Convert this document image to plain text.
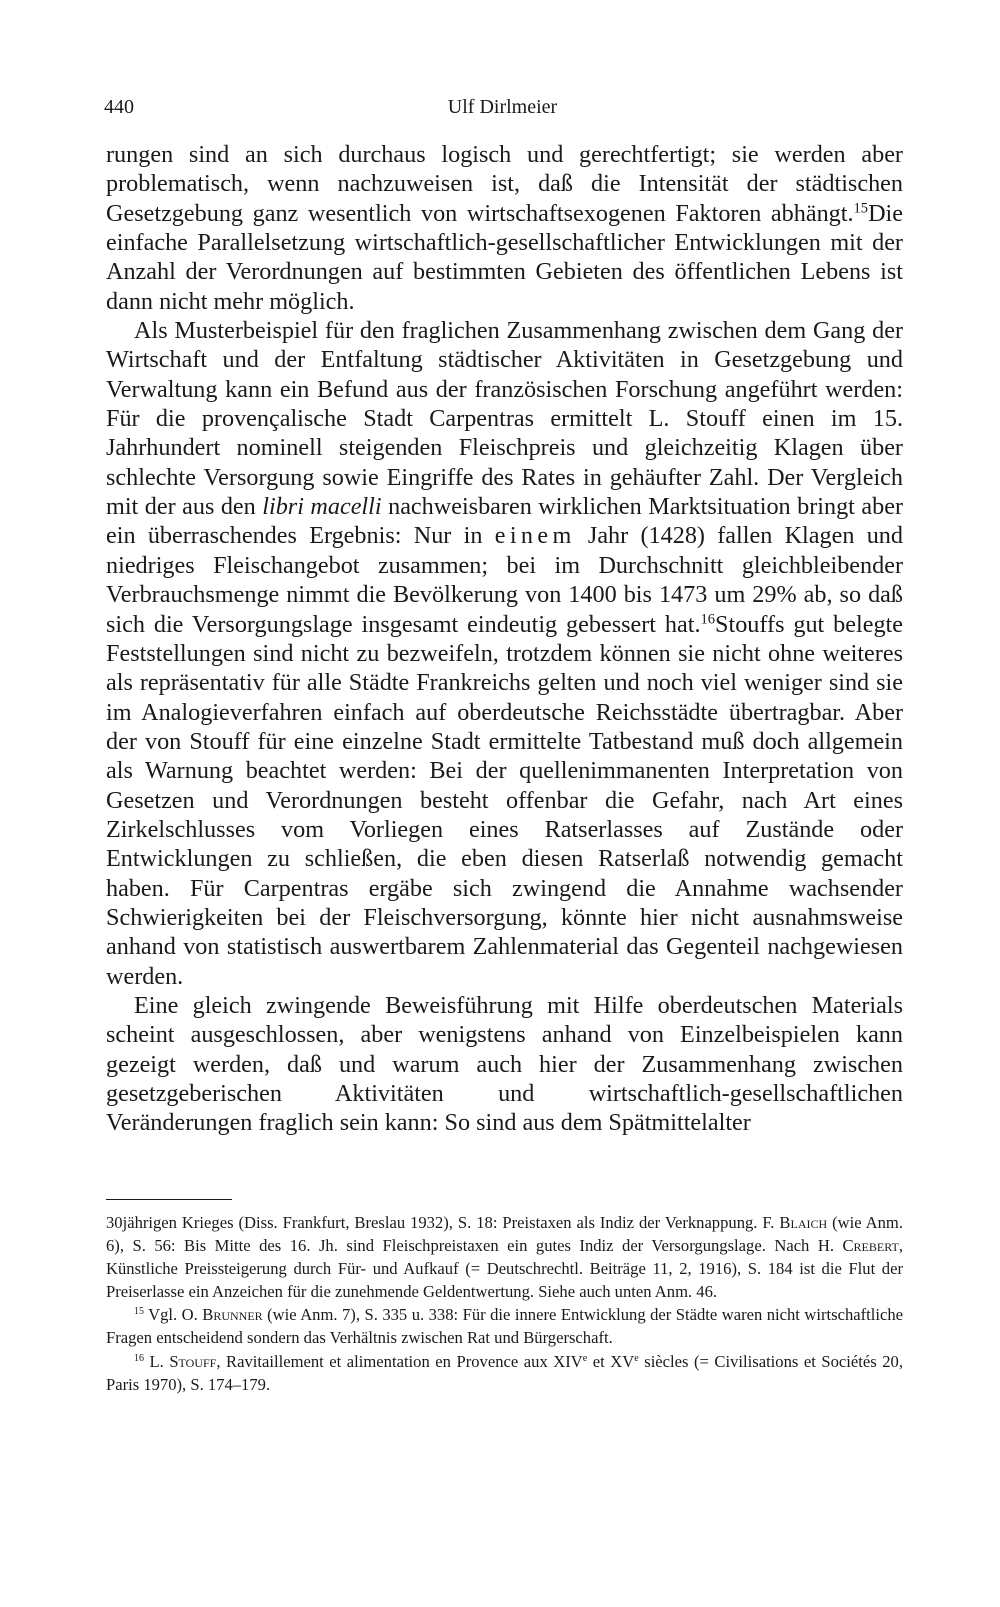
440	Ulf Dirlmeier

rungen sind an sich durchaus logisch und gerechtfertigt; sie werden aber problematisch, wenn nachzuweisen ist, daß die Intensität der städtischen Gesetzgebung ganz wesentlich von wirtschaftsexogenen Faktoren abhängt.$^{15}$Die einfache Parallelsetzung wirtschaftlich-gesellschaftlicher Entwicklungen mit der Anzahl der Verordnungen auf bestimmten Gebieten des öffentlichen Lebens ist dann nicht mehr möglich.

Als Musterbeispiel für den fraglichen Zusammenhang zwischen dem Gang der Wirtschaft und der Entfaltung städtischer Aktivitäten in Gesetzgebung und Verwaltung kann ein Befund aus der französischen Forschung angeführt werden: Für die provençalische Stadt Carpentras ermittelt L. Stouff einen im 15. Jahrhundert nominell steigenden Fleischpreis und gleichzeitig Klagen über schlechte Versorgung sowie Eingriffe des Rates in gehäufter Zahl. Der Vergleich mit der aus den libri macelli nachweisbaren wirklichen Marktsituation bringt aber ein überraschendes Ergebnis: Nur in einem Jahr (1428) fallen Klagen und niedriges Fleischangebot zusammen; bei im Durchschnitt gleichbleibender Verbrauchsmenge nimmt die Bevölkerung von 1400 bis 1473 um 29% ab, so daß sich die Versorgungslage insgesamt eindeutig gebessert hat.$^{16}$Stouffs gut belegte Feststellungen sind nicht zu bezweifeln, trotzdem können sie nicht ohne weiteres als repräsentativ für alle Städte Frankreichs gelten und noch viel weniger sind sie im Analogieverfahren einfach auf oberdeutsche Reichsstädte übertragbar. Aber der von Stouff für eine einzelne Stadt ermittelte Tatbestand muß doch allgemein als Warnung beachtet werden: Bei der quellenimmanenten Interpretation von Gesetzen und Verordnungen besteht offenbar die Gefahr, nach Art eines Zirkelschlusses vom Vorliegen eines Ratserlasses auf Zustände oder Entwicklungen zu schließen, die eben diesen Ratserlaß notwendig gemacht haben. Für Carpentras ergäbe sich zwingend die Annahme wachsender Schwierigkeiten bei der Fleischversorgung, könnte hier nicht ausnahmsweise anhand von statistisch auswertbarem Zahlenmaterial das Gegenteil nachgewiesen werden.

Eine gleich zwingende Beweisführung mit Hilfe oberdeutschen Materials scheint ausgeschlossen, aber wenigstens anhand von Einzelbeispielen kann gezeigt werden, daß und warum auch hier der Zusammenhang zwischen gesetzgeberischen Aktivitäten und wirtschaftlich-gesellschaftlichen Veränderungen fraglich sein kann: So sind aus dem Spätmittelalter

30jährigen Krieges (Diss. Frankfurt, Breslau 1932), S. 18: Preistaxen als Indiz der Verknappung. F. Blaich (wie Anm. 6), S. 56: Bis Mitte des 16. Jh. sind Fleischpreistaxen ein gutes Indiz der Versorgungslage. Nach H. Crebert, Künstliche Preissteigerung durch Für- und Aufkauf (= Deutschrechtl. Beiträge 11, 2, 1916), S. 184 ist die Flut der Preiserlasse ein Anzeichen für die zunehmende Geldentwertung. Siehe auch unten Anm. 46.

$^{15}$ Vgl. O. Brunner (wie Anm. 7), S. 335 u. 338: Für die innere Entwicklung der Städte waren nicht wirtschaftliche Fragen entscheidend sondern das Verhältnis zwischen Rat und Bürgerschaft.

$^{16}$ L. Stouff, Ravitaillement et alimentation en Provence aux XIVe et XVe siècles (= Civilisations et Sociétés 20, Paris 1970), S. 174–179.
